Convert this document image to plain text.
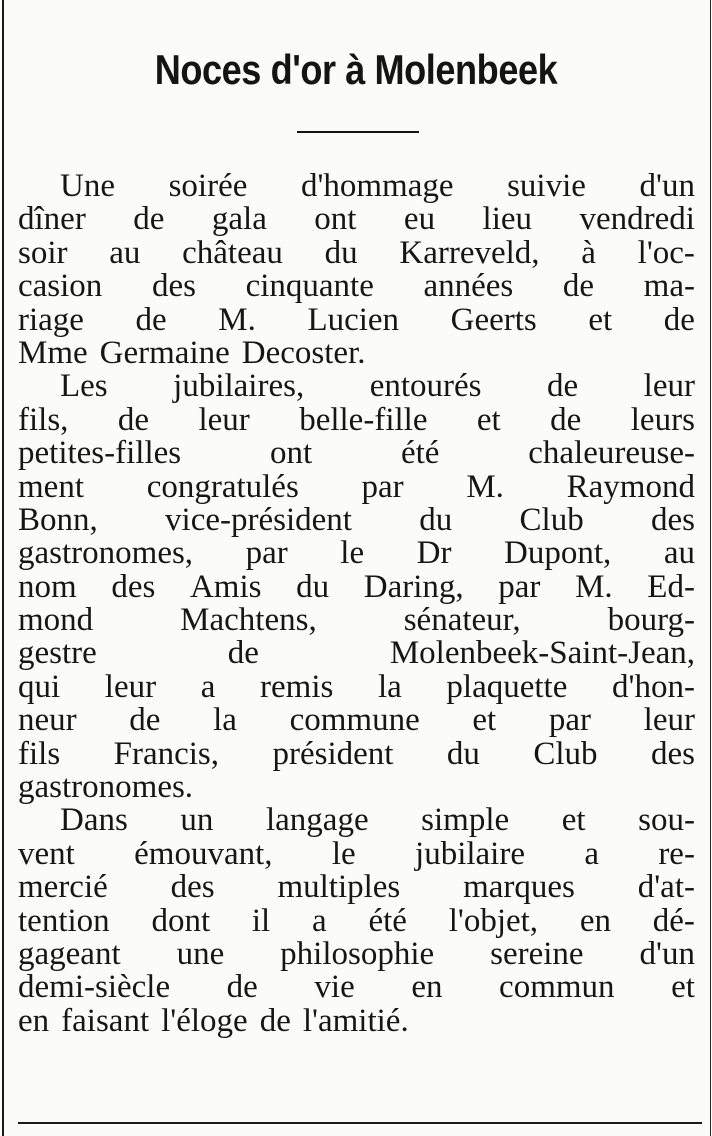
Noces d'or à Molenbeek
Une soirée d'hommage suivie d'un
dîner de gala ont eu lieu vendredi
soir au château du Karreveld, à l'oc-
casion des cinquante années de ma-
riage de M. Lucien Geerts et de
Mme Germaine Decoster.
Les jubilaires, entourés de leur
fils, de leur belle-fille et de leurs
petites-filles	ont	été	chaleureuse-
ment congratulés par M. Raymond
Bonn, vice-président du Club des
gastronomes, par le Dr Dupont, au
nom des Amis du Daring, par M. Ed-
mond	Machtens,	sénateur,	bourg-
gestre	de	Molenbeek-Saint-Jean,
qui leur a remis la plaquette d'hon-
neur de la commune et par leur
fils Francis, président du Club des
gastronomes.
Dans un langage simple et sou-
vent émouvant, le jubilaire a re-
mercié des multiples marques d'at-
tention dont il a été l'objet, en dé-
gageant une philosophie sereine d'un
demi-siècle de vie en commun et
en faisant l'éloge de l'amitié.
